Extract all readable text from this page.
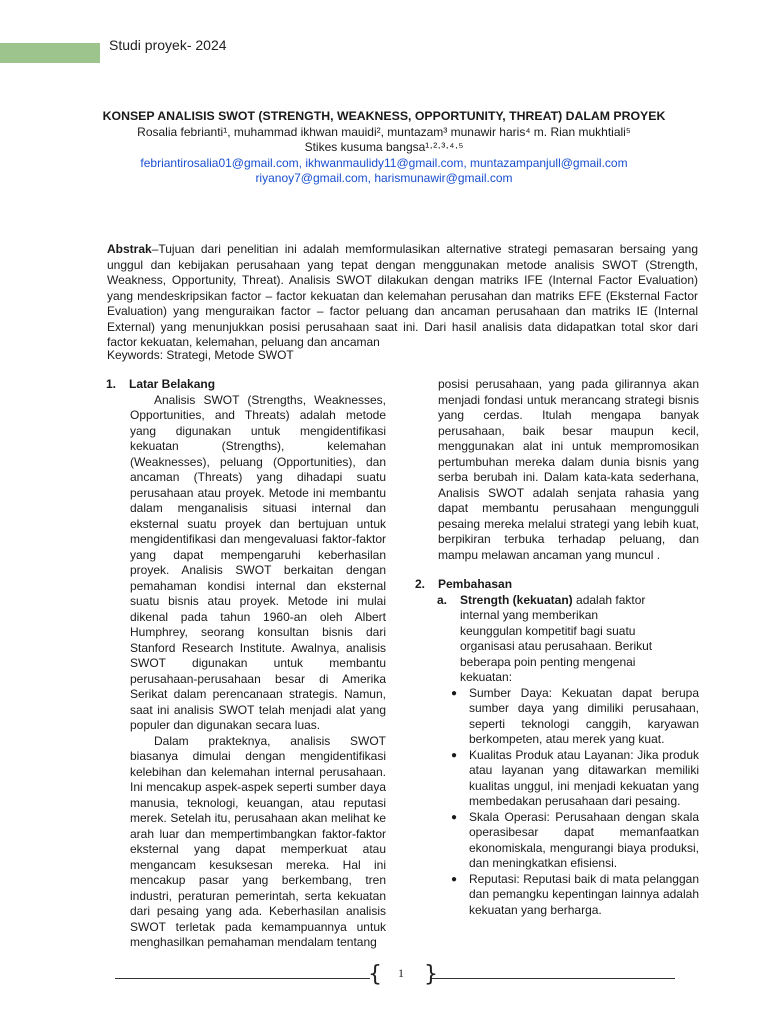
Studi proyek- 2024
KONSEP ANALISIS SWOT (STRENGTH, WEAKNESS, OPPORTUNITY, THREAT) DALAM PROYEK
Rosalia febrianti¹, muhammad ikhwan mauidi², muntazam³ munawir haris⁴ m. Rian mukhtiali⁵
Stikes kusuma bangsa¹·²·³·⁴·⁵
febriantirosalia01@gmail.com, ikhwanmaulidy11@gmail.com, muntazampanjull@gmail.com
riyanoy7@gmail.com, harismunawir@gmail.com
Abstrak–Tujuan dari penelitian ini adalah memformulasikan alternative strategi pemasaran bersaing yang unggul dan kebijakan perusahaan yang tepat dengan menggunakan metode analisis SWOT (Strength, Weakness, Opportunity, Threat). Analisis SWOT dilakukan dengan matriks IFE (Internal Factor Evaluation) yang mendeskripsikan factor – factor kekuatan dan kelemahan perusahan dan matriks EFE (Eksternal Factor Evaluation) yang menguraikan factor – factor peluang dan ancaman perusahaan dan matriks IE (Internal External) yang menunjukkan posisi perusahaan saat ini. Dari hasil analisis data didapatkan total skor dari factor kekuatan, kelemahan, peluang dan ancaman
Keywords: Strategi, Metode SWOT
1.	Latar Belakang
Analisis SWOT (Strengths, Weaknesses, Opportunities, and Threats) adalah metode yang digunakan untuk mengidentifikasi kekuatan (Strengths), kelemahan (Weaknesses), peluang (Opportunities), dan ancaman (Threats) yang dihadapi suatu perusahaan atau proyek. Metode ini membantu dalam menganalisis situasi internal dan eksternal suatu proyek dan bertujuan untuk mengidentifikasi dan mengevaluasi faktor-faktor yang dapat mempengaruhi keberhasilan proyek. Analisis SWOT berkaitan dengan pemahaman kondisi internal dan eksternal suatu bisnis atau proyek. Metode ini mulai dikenal pada tahun 1960-an oleh Albert Humphrey, seorang konsultan bisnis dari Stanford Research Institute. Awalnya, analisis SWOT digunakan untuk membantu perusahaan-perusahaan besar di Amerika Serikat dalam perencanaan strategis. Namun, saat ini analisis SWOT telah menjadi alat yang populer dan digunakan secara luas.
Dalam prakteknya, analisis SWOT biasanya dimulai dengan mengidentifikasi kelebihan dan kelemahan internal perusahaan. Ini mencakup aspek-aspek seperti sumber daya manusia, teknologi, keuangan, atau reputasi merek. Setelah itu, perusahaan akan melihat ke arah luar dan mempertimbangkan faktor-faktor eksternal yang dapat memperkuat atau mengancam kesuksesan mereka. Hal ini mencakup pasar yang berkembang, tren industri, peraturan pemerintah, serta kekuatan dari pesaing yang ada. Keberhasilan analisis SWOT terletak pada kemampuannya untuk menghasilkan pemahaman mendalam tentang
posisi perusahaan, yang pada gilirannya akan menjadi fondasi untuk merancang strategi bisnis yang cerdas. Itulah mengapa banyak perusahaan, baik besar maupun kecil, menggunakan alat ini untuk mempromosikan pertumbuhan mereka dalam dunia bisnis yang serba berubah ini. Dalam kata-kata sederhana, Analisis SWOT adalah senjata rahasia yang dapat membantu perusahaan mengungguli pesaing mereka melalui strategi yang lebih kuat, berpikiran terbuka terhadap peluang, dan mampu melawan ancaman yang muncul .
2.	Pembahasan
a.	Strength (kekuatan) adalah faktor
internal yang memberikan keunggulan kompetitif bagi suatu organisasi atau perusahaan. Berikut beberapa poin penting mengenai kekuatan:
● Sumber Daya: Kekuatan dapat berupa sumber daya yang dimiliki perusahaan, seperti teknologi canggih, karyawan berkompeten, atau merek yang kuat.
● Kualitas Produk atau Layanan: Jika produk atau layanan yang ditawarkan memiliki kualitas unggul, ini menjadi kekuatan yang membedakan perusahaan dari pesaing.
● Skala Operasi: Perusahaan dengan skala operasibesar dapat memanfaatkan ekonomiskala, mengurangi biaya produksi, dan meningkatkan efisiensi.
● Reputasi: Reputasi baik di mata pelanggan dan pemangku kepentingan lainnya adalah kekuatan yang berharga.
{ }
1
